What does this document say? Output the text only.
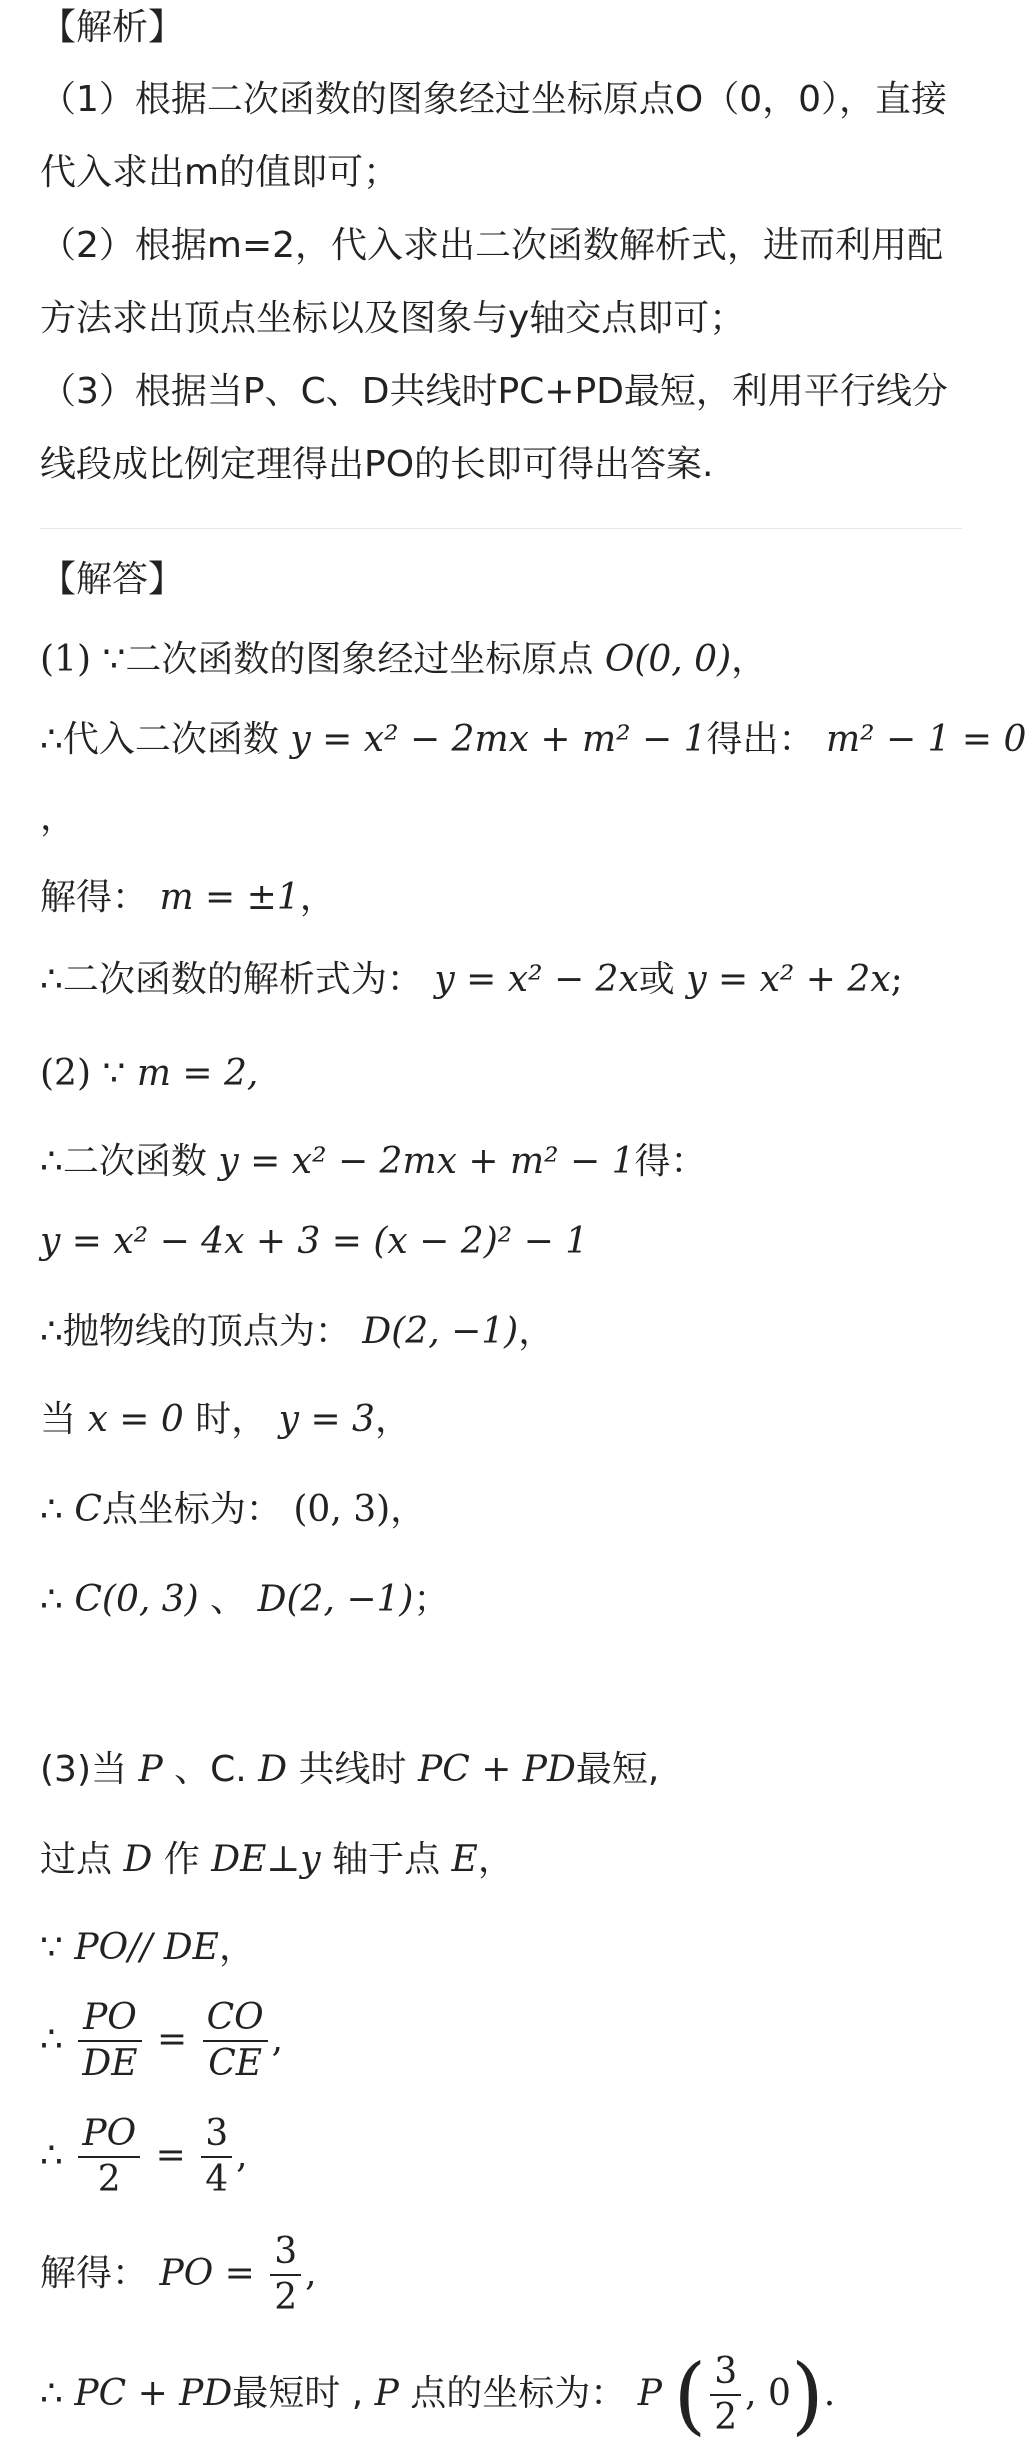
【解析】
（1）根据二次函数的图象经过坐标原点O（0，0），直接
代入求出m的值即可；
（2）根据m=2，代入求出二次函数解析式，进而利用配
方法求出顶点坐标以及图象与y轴交点即可；
（3）根据当P、C、D共线时PC+PD最短，利用平行线分
线段成比例定理得出PO的长即可得出答案.
【解答】
(1) ∵二次函数的图象经过坐标原点 O(0, 0)，
∴代入二次函数 y = x² − 2mx + m² − 1得出： m² − 1 = 0
，
解得： m = ±1，
∴二次函数的解析式为： y = x² − 2x或 y = x² + 2x;
(2) ∵ m = 2,
∴二次函数 y = x² − 2mx + m² − 1得：
y = x² − 4x + 3 = (x − 2)² − 1
∴抛物线的顶点为： D(2, −1)，
当 x = 0 时， y = 3，
∴ C点坐标为： (0, 3)，
∴ C(0, 3) 、 D(2, −1)；
(3)当 P 、C. D 共线时 PC + PD最短,
过点 D 作 DE⊥y 轴于点 E，
∵ PO// DE，
∴ $\frac{PO}{DE} = \frac{CO}{CE}$ ,
∴ $\frac{PO}{2} = \frac{3}{4}$ ,
解得： PO = $\frac{3}{2}$ ,
∴ PC + PD最短时 , P 点的坐标为： P ( $\frac{3}{2}$ , 0).
